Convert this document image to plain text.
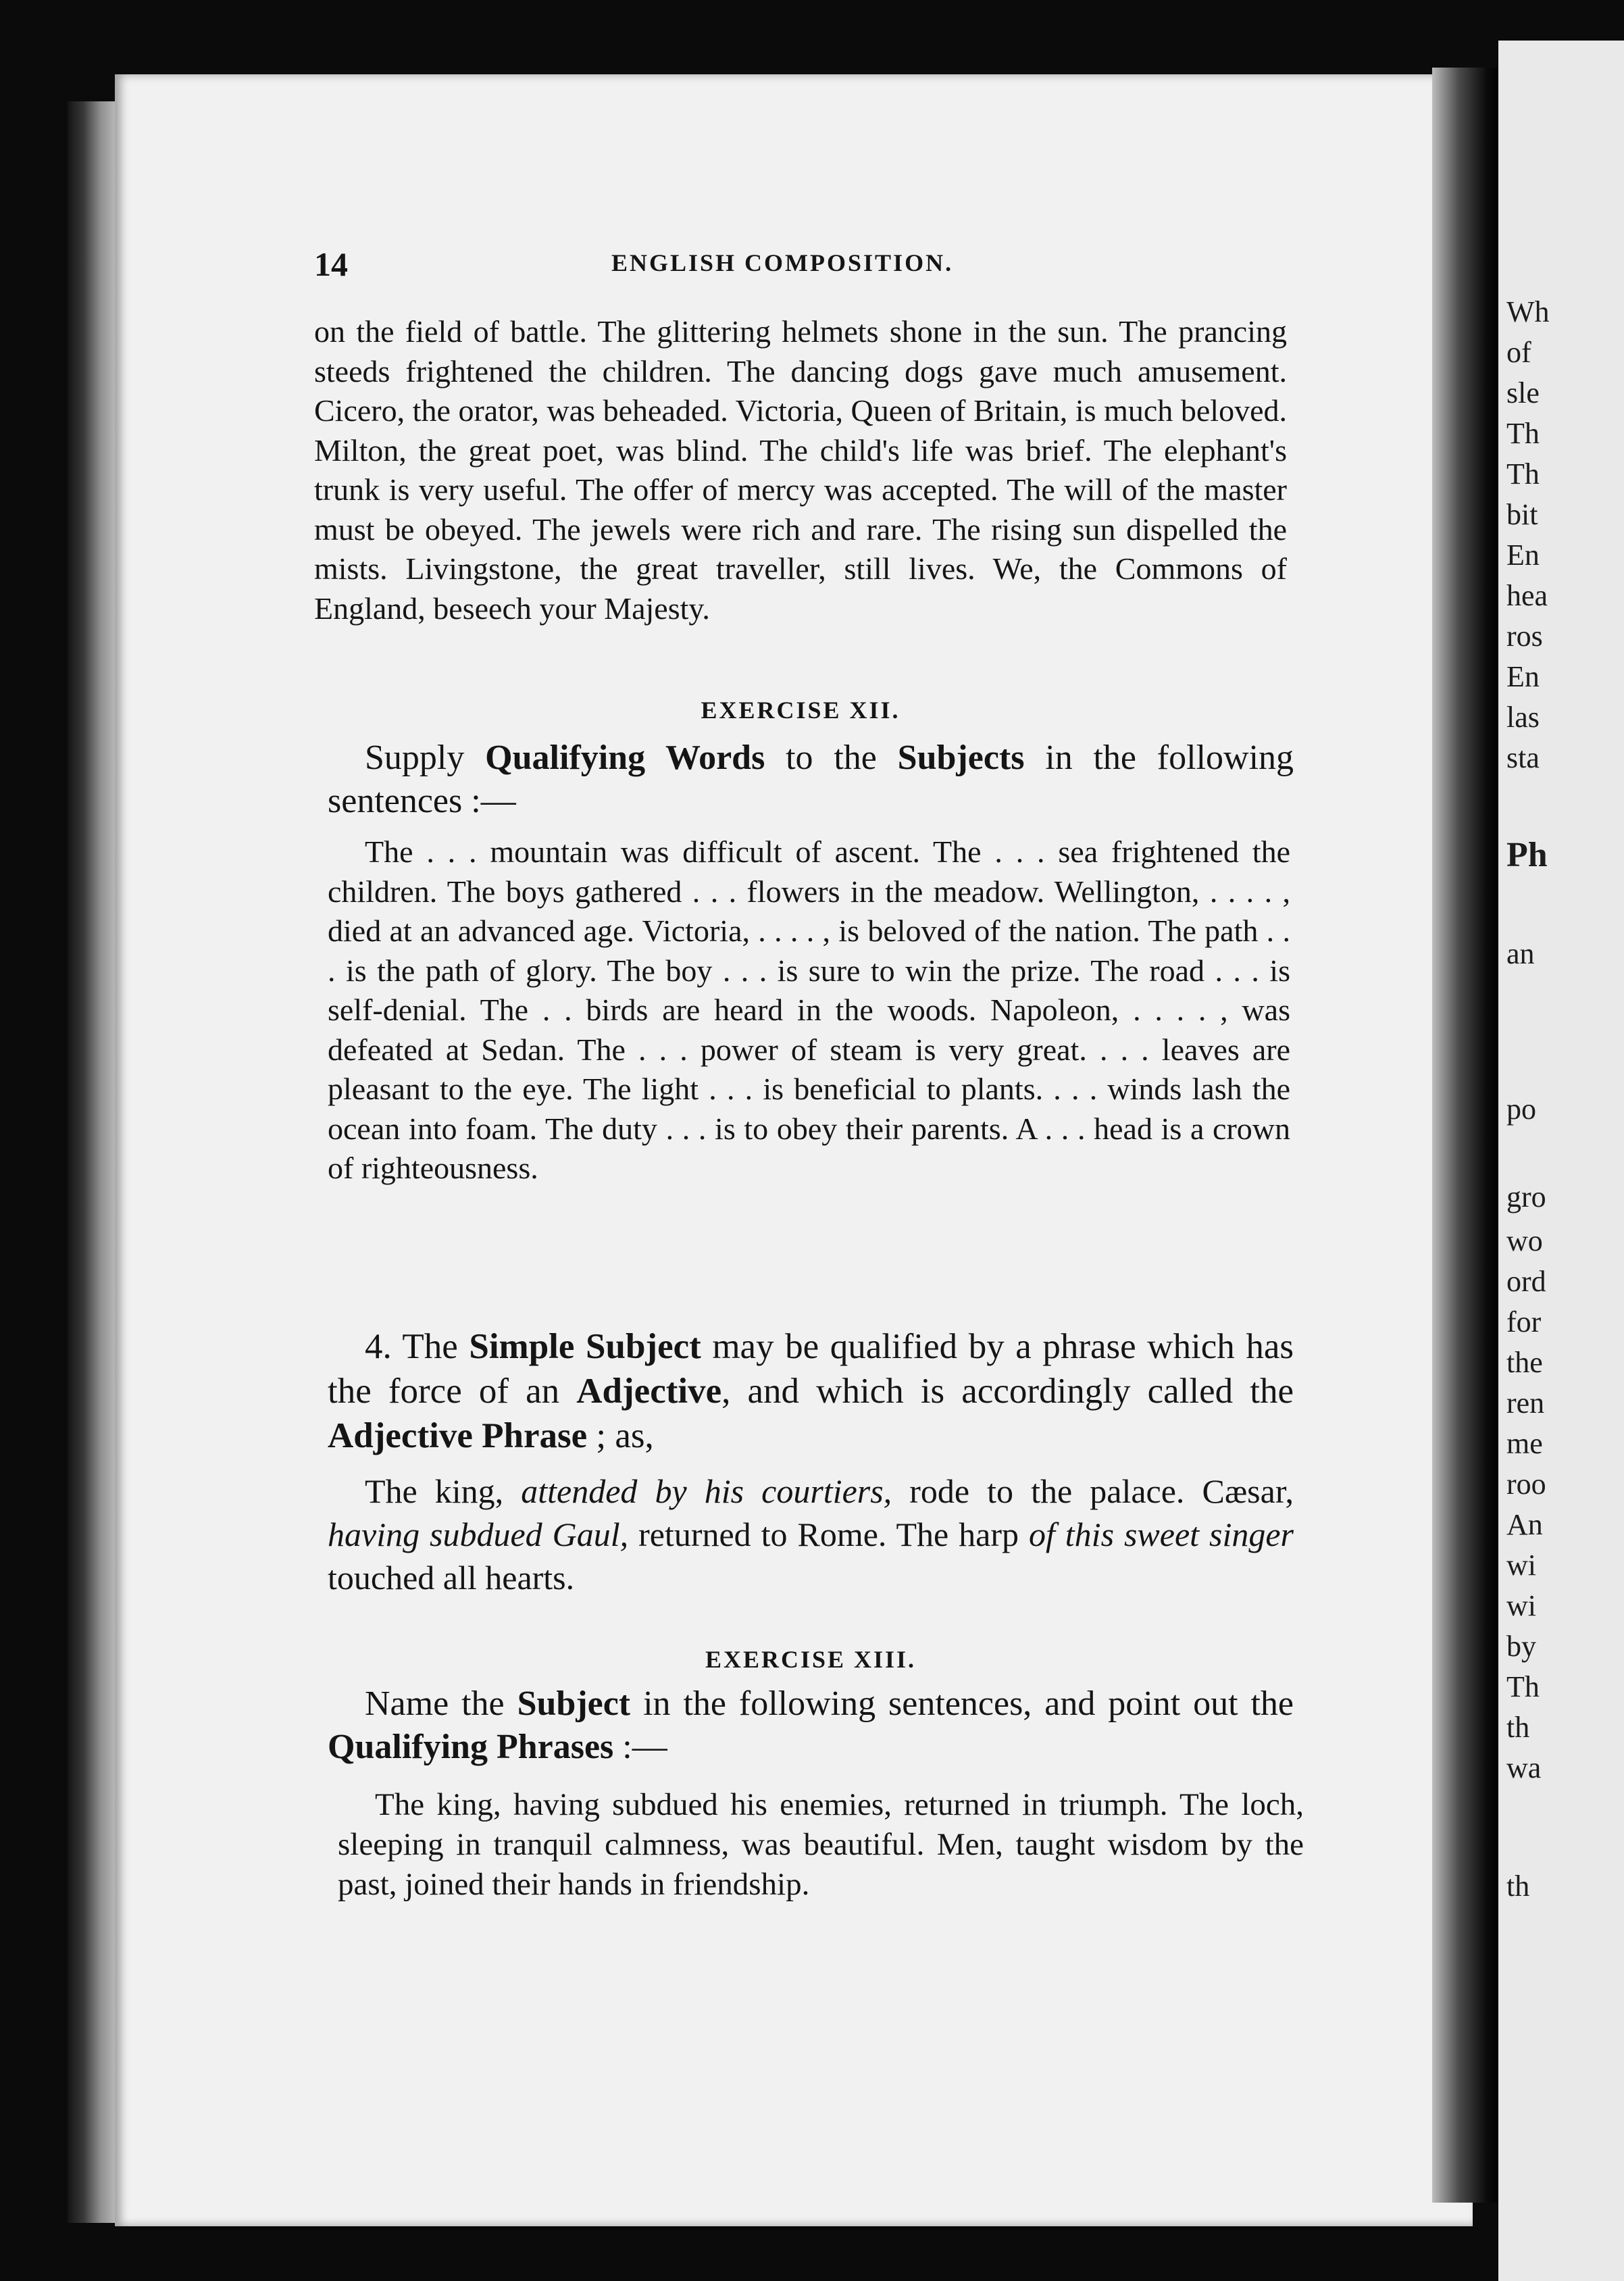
Wh
of
sle
Th
Th
bit
En
hea
ros
En
las
sta
Ph
an
po
gro
wo
ord
for
the
ren
me
roo
An
wi
wi
by
Th
th
wa
th
14	ENGLISH COMPOSITION.

on the field of battle. The glittering helmets shone in the sun. The prancing steeds frightened the children. The dancing dogs gave much amusement. Cicero, the orator, was beheaded. Victoria, Queen of Britain, is much beloved. Milton, the great poet, was blind. The child's life was brief. The elephant's trunk is very useful. The offer of mercy was accepted. The will of the master must be obeyed. The jewels were rich and rare. The rising sun dispelled the mists. Livingstone, the great traveller, still lives. We, the Commons of England, beseech your Majesty.

EXERCISE XII.

Supply Qualifying Words to the Subjects in the following sentences :—

The . . . mountain was difficult of ascent. The . . . sea frightened the children. The boys gathered . . . flowers in the meadow. Wellington, . . . . , died at an advanced age. Victoria, . . . . , is beloved of the nation. The path . . . is the path of glory. The boy . . . is sure to win the prize. The road . . . is self-denial. The . . birds are heard in the woods. Napoleon, . . . . , was defeated at Sedan. The . . . power of steam is very great. . . . leaves are pleasant to the eye. The light . . . is beneficial to plants. . . . winds lash the ocean into foam. The duty . . . is to obey their parents. A . . . head is a crown of righteousness.

4. The Simple Subject may be qualified by a phrase which has the force of an Adjective, and which is accordingly called the Adjective Phrase ; as,

The king, attended by his courtiers, rode to the palace. Cæsar, having subdued Gaul, returned to Rome. The harp of this sweet singer touched all hearts.

EXERCISE XIII.

Name the Subject in the following sentences, and point out the Qualifying Phrases :—

The king, having subdued his enemies, returned in triumph. The loch, sleeping in tranquil calmness, was beautiful. Men, taught wisdom by the past, joined their hands in friendship.
